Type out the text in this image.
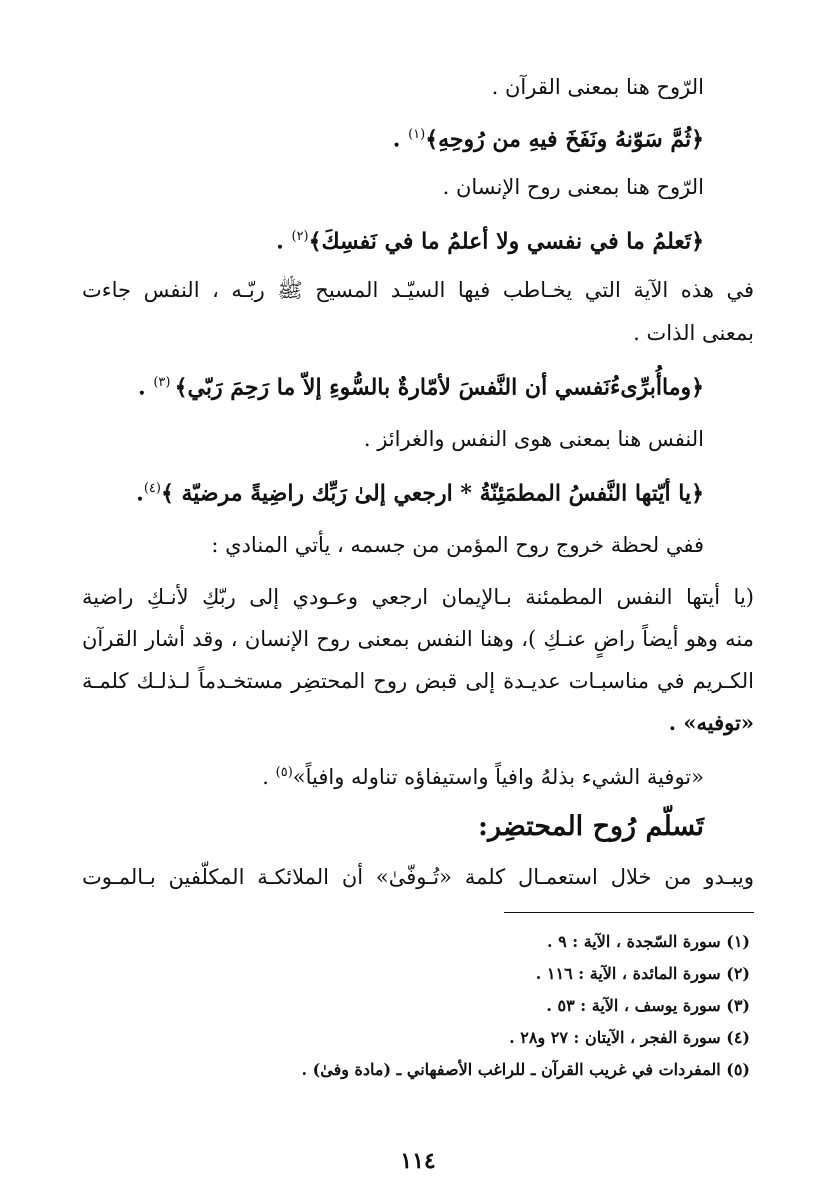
الرّوح هنا بمعنى القرآن .
﴿ثُمَّ سَوّنهُ ونَفَخَ فيهِ من رُوحِهِ﴾$^{(١)}$ .
الرّوح هنا بمعنى روح الإنسان .
﴿تَعلمُ ما في نفسي ولا أعلمُ ما في نَفسِكَ﴾$^{(٢)}$ .
في هذه الآية التي يخـاطب فيها السيّـد المسيح ﷺ ربّـه ، النفس جاءت
بمعنى الذات .
﴿وماأُبرِّىءُنَفسي أن النَّفسَ لأمّارةٌ بالسُّوءِ إلاّ ما رَحِمَ رَبّي﴾ $^{(٣)}$ .
النفس هنا بمعنى هوى النفس والغرائز .
﴿يا أيّتها النَّفسُ المطمَئِنّةُ * ارجعي إلىٰ رَبِّك راضِيةً مرضيّة ﴾$^{(٤)}$.
ففي لحظة خروج روح المؤمن من جسمه ، يأتي المنادي :
(يا أيتها النفس المطمئنة بـالإيمان ارجعي وعـودي إلى ربّكِ لأنـكِ راضية
منه وهو أيضاً راضٍ عنـكِ )، وهنا النفس بمعنى روح الإنسان ، وقد أشار القرآن
الكـريم في مناسبـات عديـدة إلى قبض روح المحتضِر مستخـدماً لـذلـك كلمـة
«توفيه» .
«توفية الشيء بذلهُ وافياً واستيفاؤه تناوله وافياً»$^{(٥)}$ .
تَسلّم رُوح المحتضِر:
ويبـدو من خلال استعمـال كلمة «تُـوفّىٰ» أن الملائكـة المكلّفين بـالمـوت
(١) سورة السّجدة ، الآية : ٩ .
(٢) سورة المائدة ، الآية : ١١٦ .
(٣) سورة يوسف ، الآية : ٥٣ .
(٤) سورة الفجر ، الآيتان : ٢٧ و٢٨ .
(٥) المفردات في غريب القرآن ـ للراغب الأصفهاني ـ (مادة وفىٰ) .
١١٤
